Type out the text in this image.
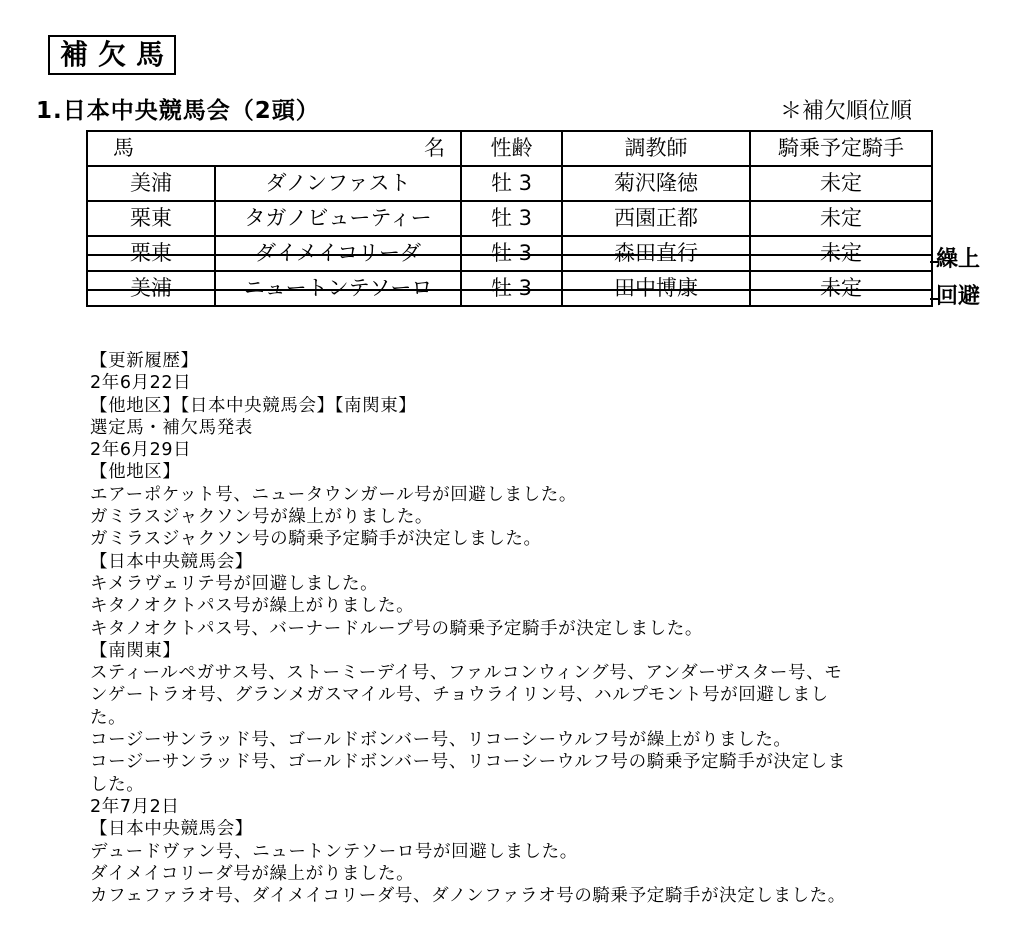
補欠馬
1.日本中央競馬会（2頭）	＊補欠順位順
馬 名		性齢	調教師	騎乗予定騎手
美浦	ダノンファスト	牡 3	菊沢隆徳	未定
栗東	タガノビューティー	牡 3	西園正都	未定
栗東	ダイメイコリーダ	牡 3	森田直行	未定
美浦	ニュートンテソーロ	牡 3	田中博康	未定
繰上
回避
【更新履歴】
2年6月22日
【他地区】【日本中央競馬会】【南関東】
選定馬・補欠馬発表
2年6月29日
【他地区】
エアーポケット号、ニュータウンガール号が回避しました。
ガミラスジャクソン号が繰上がりました。
ガミラスジャクソン号の騎乗予定騎手が決定しました。
【日本中央競馬会】
キメラヴェリテ号が回避しました。
キタノオクトパス号が繰上がりました。
キタノオクトパス号、バーナードループ号の騎乗予定騎手が決定しました。
【南関東】
スティールペガサス号、ストーミーデイ号、ファルコンウィング号、アンダーザスター号、モ
ンゲートラオ号、グランメガスマイル号、チョウライリン号、ハルプモント号が回避しまし
た。
コージーサンラッド号、ゴールドボンバー号、リコーシーウルフ号が繰上がりました。
コージーサンラッド号、ゴールドボンバー号、リコーシーウルフ号の騎乗予定騎手が決定しま
した。
2年7月2日
【日本中央競馬会】
デュードヴァン号、ニュートンテソーロ号が回避しました。
ダイメイコリーダ号が繰上がりました。
カフェファラオ号、ダイメイコリーダ号、ダノンファラオ号の騎乗予定騎手が決定しました。
